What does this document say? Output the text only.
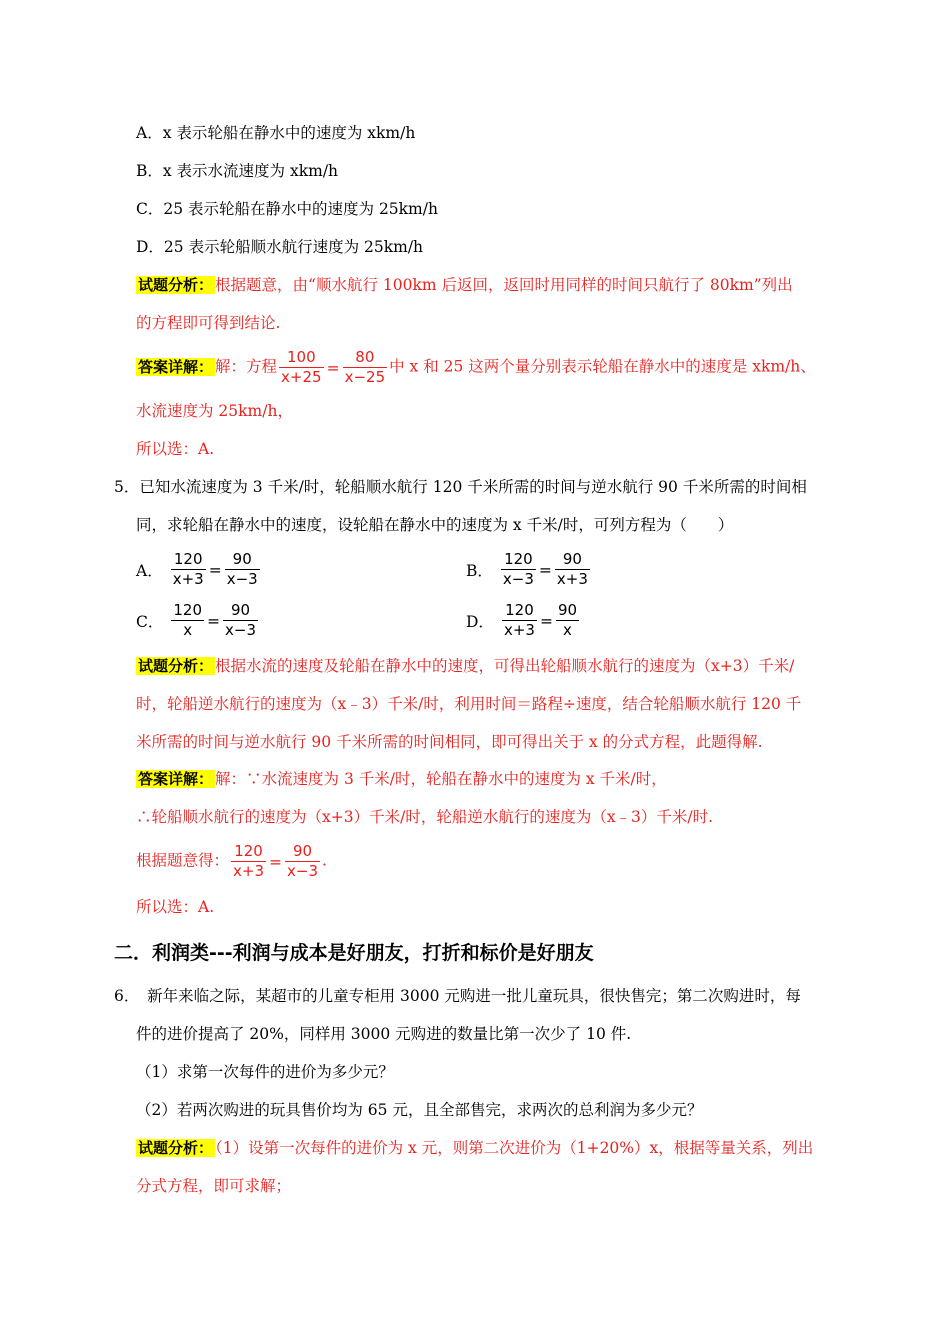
A．x 表示轮船在静水中的速度为 xkm/h
B．x 表示水流速度为 xkm/h
C．25 表示轮船在静水中的速度为 25km/h
D．25 表示轮船顺水航行速度为 25km/h
试题分析： 根据题意，由“顺水航行 100km 后返回，返回时用同样的时间只航行了 80km”列出
的方程即可得到结论.
答案详解： 解：方程 $\frac{100}{x+25} = \frac{80}{x-25}$ 中 x 和 25 这两个量分别表示轮船在静水中的速度是 xkm/h、
水流速度为 25km/h，
所以选：A.
5．已知水流速度为 3 千米/时，轮船顺水航行 120 千米所需的时间与逆水航行 90 千米所需的时间相
同，求轮船在静水中的速度，设轮船在静水中的速度为 x 千米/时，可列方程为（　　）
A． $\frac{120}{x+3} = \frac{90}{x-3}$	B． $\frac{120}{x-3} = \frac{90}{x+3}$
C． $\frac{120}{x} = \frac{90}{x-3}$	D． $\frac{120}{x+3} = \frac{90}{x}$
试题分析： 根据水流的速度及轮船在静水中的速度，可得出轮船顺水航行的速度为（x+3）千米/
时，轮船逆水航行的速度为（x﹣3）千米/时，利用时间＝路程÷速度，结合轮船顺水航行 120 千
米所需的时间与逆水航行 90 千米所需的时间相同，即可得出关于 x 的分式方程，此题得解.
答案详解： 解：∵水流速度为 3 千米/时，轮船在静水中的速度为 x 千米/时，
∴轮船顺水航行的速度为（x+3）千米/时，轮船逆水航行的速度为（x﹣3）千米/时.
根据题意得： $\frac{120}{x+3} = \frac{90}{x-3}$ .
所以选：A.
二．利润类---利润与成本是好朋友，打折和标价是好朋友
6．　新年来临之际，某超市的儿童专柜用 3000 元购进一批儿童玩具，很快售完；第二次购进时，每
件的进价提高了 20%，同样用 3000 元购进的数量比第一次少了 10 件.
（1）求第一次每件的进价为多少元？
（2）若两次购进的玩具售价均为 65 元，且全部售完，求两次的总利润为多少元？
试题分析： （1）设第一次每件的进价为 x 元，则第二次进价为（1+20%）x，根据等量关系，列出
分式方程，即可求解；
